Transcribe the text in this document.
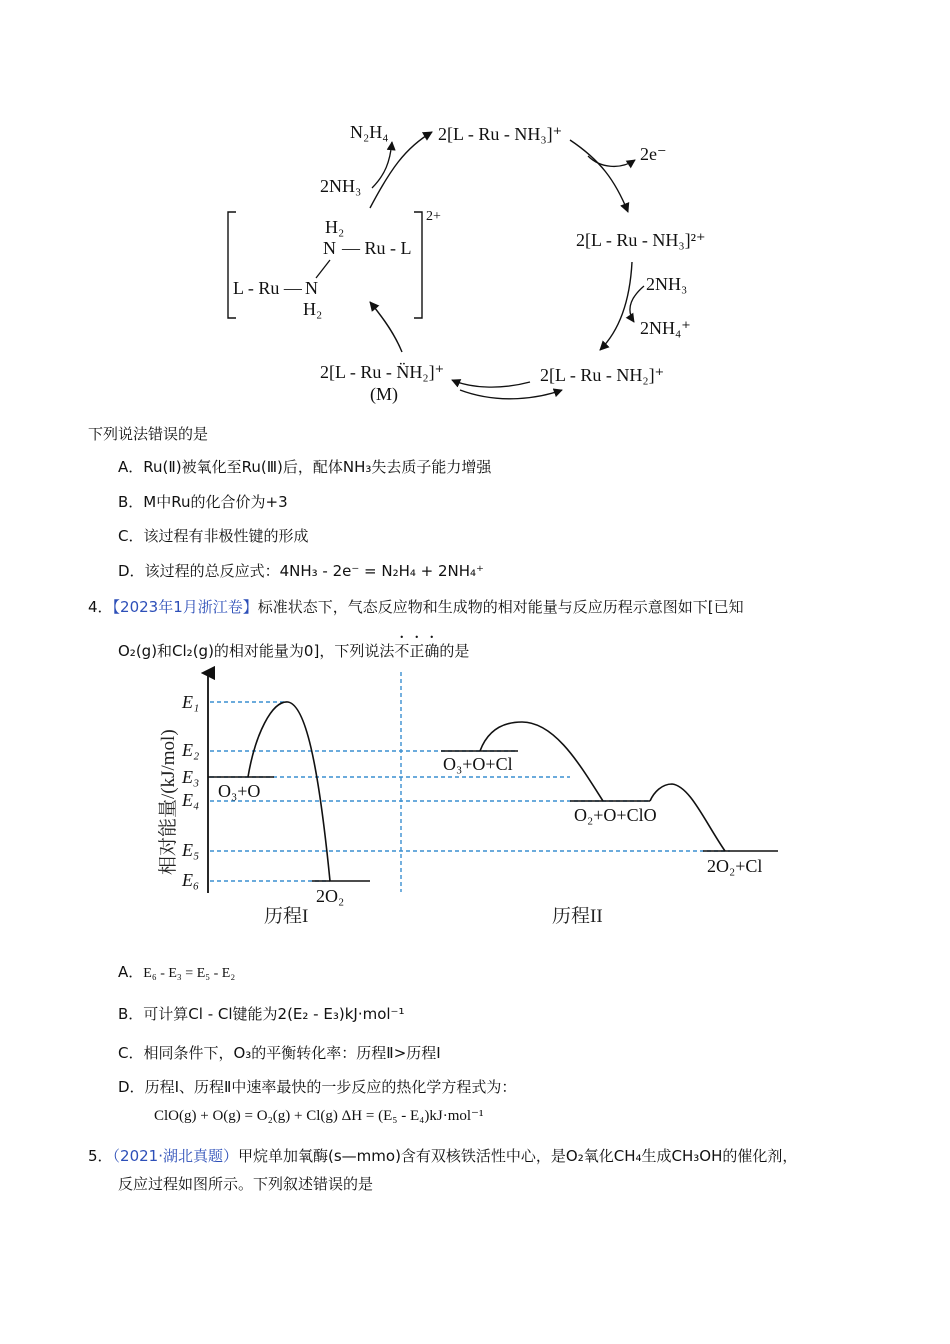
N₂H₄	2[L - Ru - NH₃]⁺
2e⁻
2NH₃
2[L - Ru - NH₃]²⁺
2NH₃
2NH₄⁺
2[L - Ru - NH₂]⁺
2[L - Ru - N̈H₂]⁺
(M)
H₂
N — Ru - L
L - Ru — N
H₂
2+
下列说法错误的是
A．Ru(Ⅱ)被氧化至Ru(Ⅲ)后，配体NH₃失去质子能力增强
B．M中Ru的化合价为+3
C．该过程有非极性键的形成
D．该过程的总反应式：4NH₃ - 2e⁻ = N₂H₄ + 2NH₄⁺
4．【2023年1月浙江卷】标准状态下，气态反应物和生成物的相对能量与反应历程示意图如下[已知
O₂(g)和Cl₂(g)的相对能量为0]，下列说法不正确的是
相对能量/(kJ/mol)
E₁
E₂
E₃
E₄
E₅
E₆
O₃+O
2O₂
O₃+O+Cl
O₂+O+ClO
2O₂+Cl
历程I	历程II
A．E₆ - E₃ = E₅ - E₂
B．可计算Cl - Cl键能为2(E₂ - E₃)kJ·mol⁻¹
C．相同条件下，O₃的平衡转化率：历程Ⅱ>历程Ⅰ
D．历程Ⅰ、历程Ⅱ中速率最快的一步反应的热化学方程式为：
ClO(g) + O(g) = O₂(g) + Cl(g) ΔH = (E₅ - E₄)kJ·mol⁻¹
5．（2021·湖北真题）甲烷单加氧酶(s—mmo)含有双核铁活性中心，是O₂氧化CH₄生成CH₃OH的催化剂，
反应过程如图所示。下列叙述错误的是
